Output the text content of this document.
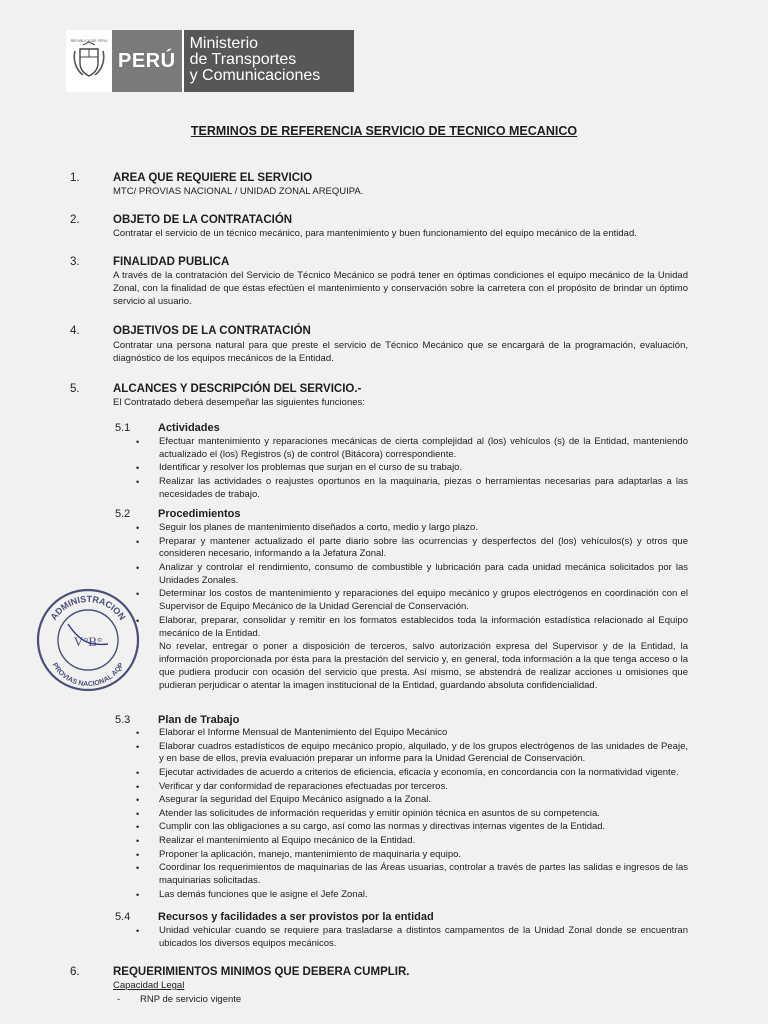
REPUBLICA DEL PERU
PERÚ
Ministerio
de Transportes
y Comunicaciones
TERMINOS DE REFERENCIA SERVICIO DE TECNICO MECANICO
1.	AREA QUE REQUIERE EL SERVICIO
MTC/ PROVIAS NACIONAL / UNIDAD ZONAL AREQUIPA.
2.	OBJETO DE LA CONTRATACIÓN
Contratar el servicio de un técnico mecánico, para mantenimiento y buen funcionamiento del equipo mecánico de la entidad.
3.	FINALIDAD PUBLICA
A través de la contratación del Servicio de Técnico Mecánico se podrá tener en óptimas condiciones el equipo mecánico de la Unidad Zonal, con la finalidad de que éstas efectúen el mantenimiento y conservación sobre la carretera con el propósito de brindar un óptimo servicio al usuario.
4.	OBJETIVOS DE LA CONTRATACIÓN
Contratar una persona natural para que preste el servicio de Técnico Mecánico que se encargará de la programación, evaluación, diagnóstico de los equipos mecánicos de la Entidad.
5.	ALCANCES Y DESCRIPCIÓN DEL SERVICIO.-
El Contratado deberá desempeñar las siguientes funciones:
5.1	Actividades
• Efectuar mantenimiento y reparaciones mecánicas de cierta complejidad al (los) vehículos (s) de la Entidad, manteniendo actualizado el (los) Registros (s) de control (Bitácora) correspondiente.
• Identificar y resolver los problemas que surjan en el curso de su trabajo.
• Realizar las actividades o reajustes oportunos en la maquinaria, piezas o herramientas necesarias para adaptarlas a las necesidades de trabajo.
5.2	Procedimientos
• Seguir los planes de mantenimiento diseñados a corto, medio y largo plazo.
• Preparar y mantener actualizado el parte diario sobre las ocurrencias y desperfectos del (los) vehículos(s) y otros que consideren necesario, informando a la Jefatura Zonal.
• Analizar y controlar el rendimiento, consumo de combustible y lubricación para cada unidad mecánica solicitados por las Unidades Zonales.
• Determinar los costos de mantenimiento y reparaciones del equipo mecánico y grupos electrógenos en coordinación con el Supervisor de Equipo Mecánico de la Unidad Gerencial de Conservación.
• Elaborar, preparar, consolidar y remitir en los formatos establecidos toda la información estadística relacionado al Equipo mecánico de la Entidad.
• No revelar, entregar o poner a disposición de terceros, salvo autorización expresa del Supervisor y de la Entidad, la información proporcionada por ésta para la prestación del servicio y, en general, toda información a la que tenga acceso o la que pudiera producir con ocasión del servicio que presta. Así mismo, se abstendrá de realizar acciones u omisiones que pudieran perjudicar o atentar la imagen institucional de la Entidad, guardando absoluta confidencialidad.
5.3	Plan de Trabajo
• Elaborar el Informe Mensual de Mantenimiento del Equipo Mecánico
• Elaborar cuadros estadísticos de equipo mecánico propio, alquilado, y de los grupos electrógenos de las unidades de Peaje, y en base de ellos, previa evaluación preparar un informe para la Unidad Gerencial de Conservación.
• Ejecutar actividades de acuerdo a criterios de eficiencia, eficacia y economía, en concordancia con la normatividad vigente.
• Verificar y dar conformidad de reparaciones efectuadas por terceros.
• Asegurar la seguridad del Equipo Mecánico asignado a la Zonal.
• Atender las solicitudes de información requeridas y emitir opinión técnica en asuntos de su competencia.
• Cumplir con las obligaciones a su cargo, así como las normas y directivas internas vigentes de la Entidad.
• Realizar el mantenimiento al Equipo mecánico de la Entidad.
• Proponer la aplicación, manejo, mantenimiento de maquinaria y equipo.
• Coordinar los requerimientos de maquinarias de las Áreas usuarias, controlar a través de partes las salidas e ingresos de las maquinarias solicitadas.
• Las demás funciones que le asigne el Jefe Zonal.
5.4	Recursos y facilidades a ser provistos por la entidad
• Unidad vehicular cuando se requiere para trasladarse a distintos campamentos de la Unidad Zonal donde se encuentran ubicados los diversos equipos mecánicos.
6.	REQUERIMIENTOS MINIMOS QUE DEBERA CUMPLIR.
Capacidad Legal
-	RNP de servicio vigente
ADMINISTRACION
PROVIAS NACIONAL AQP
V°B°
